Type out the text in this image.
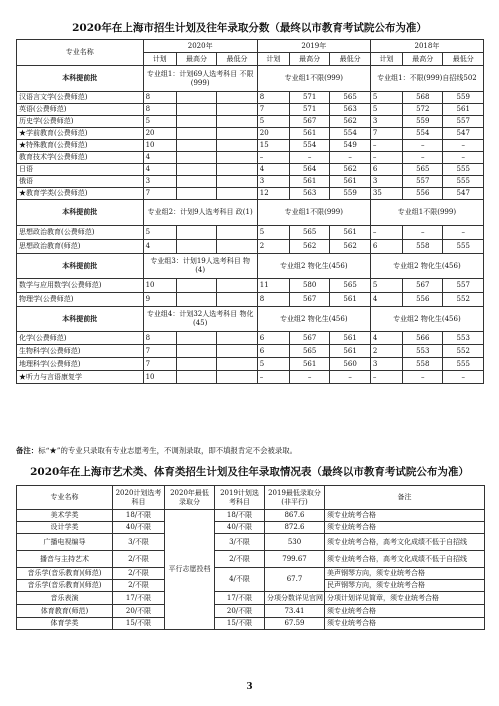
2020年在上海市招生计划及往年录取分数（最终以市教育考试院公布为准）
专业名称	2020年			2019年			2018年		
	计划	最高分	最低分	计划	最高分	最低分	计划	最高分	最低分
本科提前批	专业组1：计划69人选考科目 不限(999)			专业组1不限(999)			专业组1：不限(999)自招线502		
汉语言文学(公费师范)	8			8	571	565	5	568	559
英语(公费师范)	8			7	571	563	5	572	561
历史学(公费师范)	5			5	567	562	3	559	557
★学前教育(公费师范)	20			20	561	554	7	554	547
★特殊教育(公费师范)	10			15	554	549	–	–	–
教育技术学(公费师范)	4			–	–	–	–	–	–
日语	4			4	564	562	6	565	555
俄语	3			3	561	561	3	557	555
★教育学类(公费师范)	7			12	563	559	35	556	547
本科提前批	专业组2：计划9人选考科目 政(1)			专业组1不限(999)			专业组1不限(999)		
思想政治教育(公费师范)	5			5	565	561	–	–	–
思想政治教育(师范)	4			2	562	562	6	558	555
本科提前批	专业组3：计划19人选考科目 物(4)			专业组2 物化生(456)			专业组2 物化生(456)		
数学与应用数学(公费师范)	10			11	580	565	5	567	557
物理学(公费师范)	9			8	567	561	4	556	552
本科提前批	专业组4：计划32人选考科目 物化(45)			专业组2 物化生(456)			专业组2 物化生(456)		
化学(公费师范)	8			6	567	561	4	566	553
生物科学(公费师范)	7			6	565	561	2	553	552
地理科学(公费师范)	7			5	561	560	3	558	555
★听力与言语康复学	10			–	–	–	–	–	–
备注：标“★”的专业只录取有专业志愿考生，不调剂录取，即不填报肯定不会被录取。
2020年在上海市艺术类、体育类招生计划及往年录取情况表（最终以市教育考试院公布为准）
专业名称	2020计划选考科目	2020年最低录取分	2019计划选考科目	2019最低录取分(非平行)	备注
美术学类	18/不限	平行志愿投档	18/不限	867.6	须专业统考合格
设计学类	40/不限		40/不限	872.6	须专业统考合格
广播电视编导	3/不限		3/不限	530	须专业统考合格，高考文化成绩不低于自招线
播音与主持艺术	2/不限		2/不限	799.67	须专业统考合格，高考文化成绩不低于自招线
音乐学(音乐教育)(师范)	2/不限		4/不限	67.7	美声钢琴方向，须专业统考合格
音乐学(音乐教育)(师范)	2/不限				民声钢琴方向，须专业统考合格
音乐表演	17/不限		17/不限	分项分数详见官网	分项计划详见简章，须专业统考合格
体育教育(师范)	20/不限		20/不限	73.41	须专业统考合格
体育学类	15/不限		15/不限	67.59	须专业统考合格
3
